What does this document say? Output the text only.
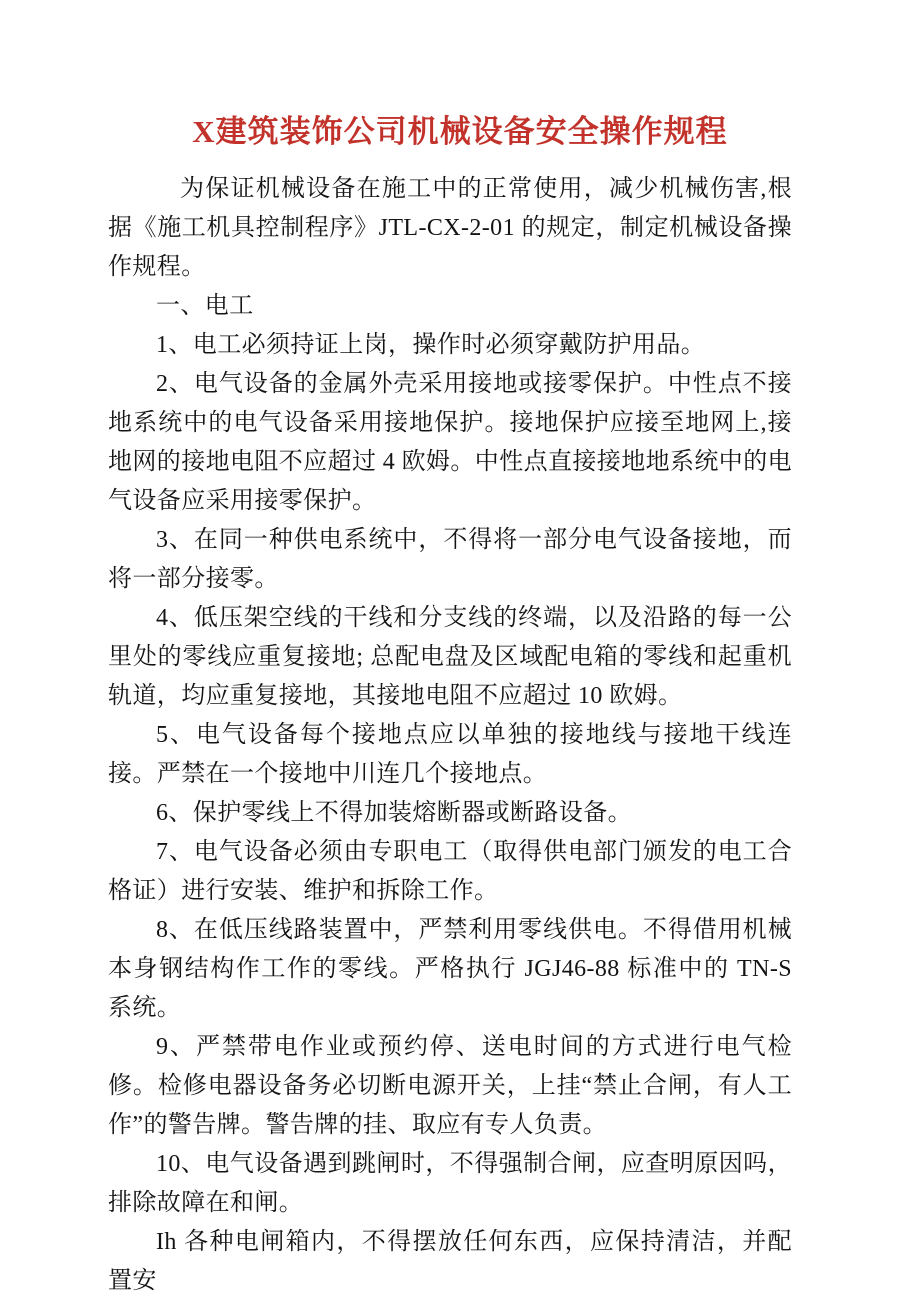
X建筑装饰公司机械设备安全操作规程

为保证机械设备在施工中的正常使用，减少机械伤害,根据《施工机具控制程序》JTL-CX-2-01 的规定，制定机械设备操作规程。

一、电工

1、电工必须持证上岗，操作时必须穿戴防护用品。

2、电气设备的金属外壳采用接地或接零保护。中性点不接地系统中的电气设备采用接地保护。接地保护应接至地网上,接地网的接地电阻不应超过 4 欧姆。中性点直接接地地系统中的电气设备应采用接零保护。

3、在同一种供电系统中，不得将一部分电气设备接地，而将一部分接零。

4、低压架空线的干线和分支线的终端，以及沿路的每一公里处的零线应重复接地; 总配电盘及区域配电箱的零线和起重机轨道，均应重复接地，其接地电阻不应超过 10 欧姆。

5、电气设备每个接地点应以单独的接地线与接地干线连接。严禁在一个接地中川连几个接地点。

6、保护零线上不得加装熔断器或断路设备。

7、电气设备必须由专职电工（取得供电部门颁发的电工合格证）进行安装、维护和拆除工作。

8、在低压线路装置中，严禁利用零线供电。不得借用机械本身钢结构作工作的零线。严格执行 JGJ46-88 标准中的 TN-S 系统。

9、严禁带电作业或预约停、送电时间的方式进行电气检修。检修电器设备务必切断电源开关，上挂“禁止合闸，有人工作”的警告牌。警告牌的挂、取应有专人负责。

10、电气设备遇到跳闸时，不得强制合闸，应查明原因吗，排除故障在和闸。

Ih 各种电闸箱内，不得摆放任何东西，应保持清洁，并配置安
